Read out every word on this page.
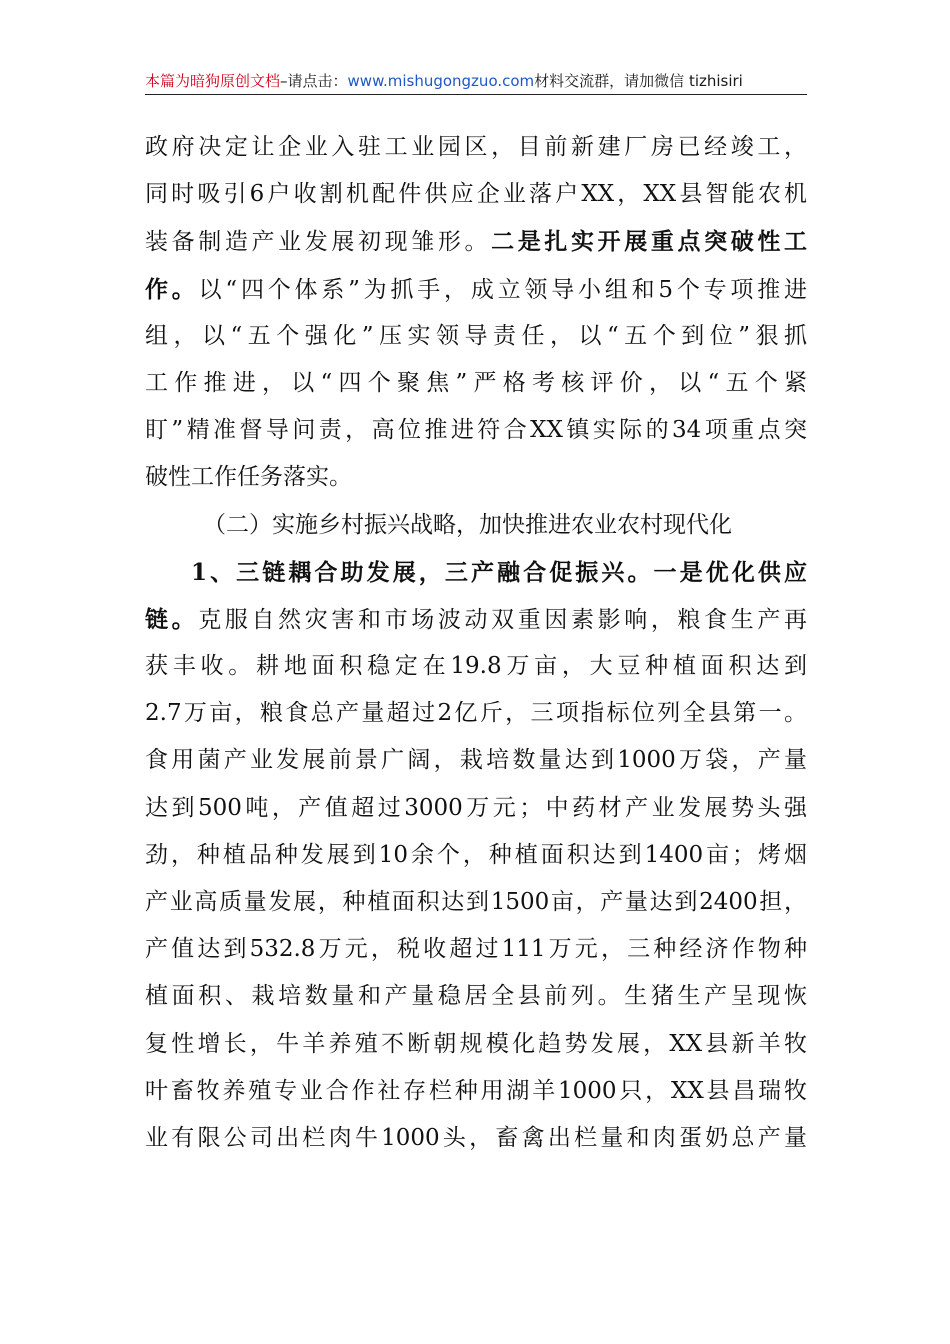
本篇为暗狗原创文档–请点击：www.mishugongzuo.com材料交流群，请加微信 tizhisiri
政府决定让企业入驻工业园区，目前新建厂房已经竣工，
同时吸引6户收割机配件供应企业落户XX，XX县智能农机
装备制造产业发展初现雏形。二是扎实开展重点突破性工
作。以“四个体系”为抓手，成立领导小组和5个专项推进
组，以“五个强化”压实领导责任，以“五个到位”狠抓
工作推进，以“四个聚焦”严格考核评价，以“五个紧
盯”精准督导问责，高位推进符合XX镇实际的34项重点突
破性工作任务落实。
（二）实施乡村振兴战略，加快推进农业农村现代化
1、三链耦合助发展，三产融合促振兴。一是优化供应
链。克服自然灾害和市场波动双重因素影响，粮食生产再
获丰收。耕地面积稳定在19.8万亩，大豆种植面积达到
2.7万亩，粮食总产量超过2亿斤，三项指标位列全县第一。
食用菌产业发展前景广阔，栽培数量达到1000万袋，产量
达到500吨，产值超过3000万元；中药材产业发展势头强
劲，种植品种发展到10余个，种植面积达到1400亩；烤烟
产业高质量发展，种植面积达到1500亩，产量达到2400担，
产值达到532.8万元，税收超过111万元，三种经济作物种
植面积、栽培数量和产量稳居全县前列。生猪生产呈现恢
复性增长，牛羊养殖不断朝规模化趋势发展，XX县新羊牧
叶畜牧养殖专业合作社存栏种用湖羊1000只，XX县昌瑞牧
业有限公司出栏肉牛1000头，畜禽出栏量和肉蛋奶总产量
